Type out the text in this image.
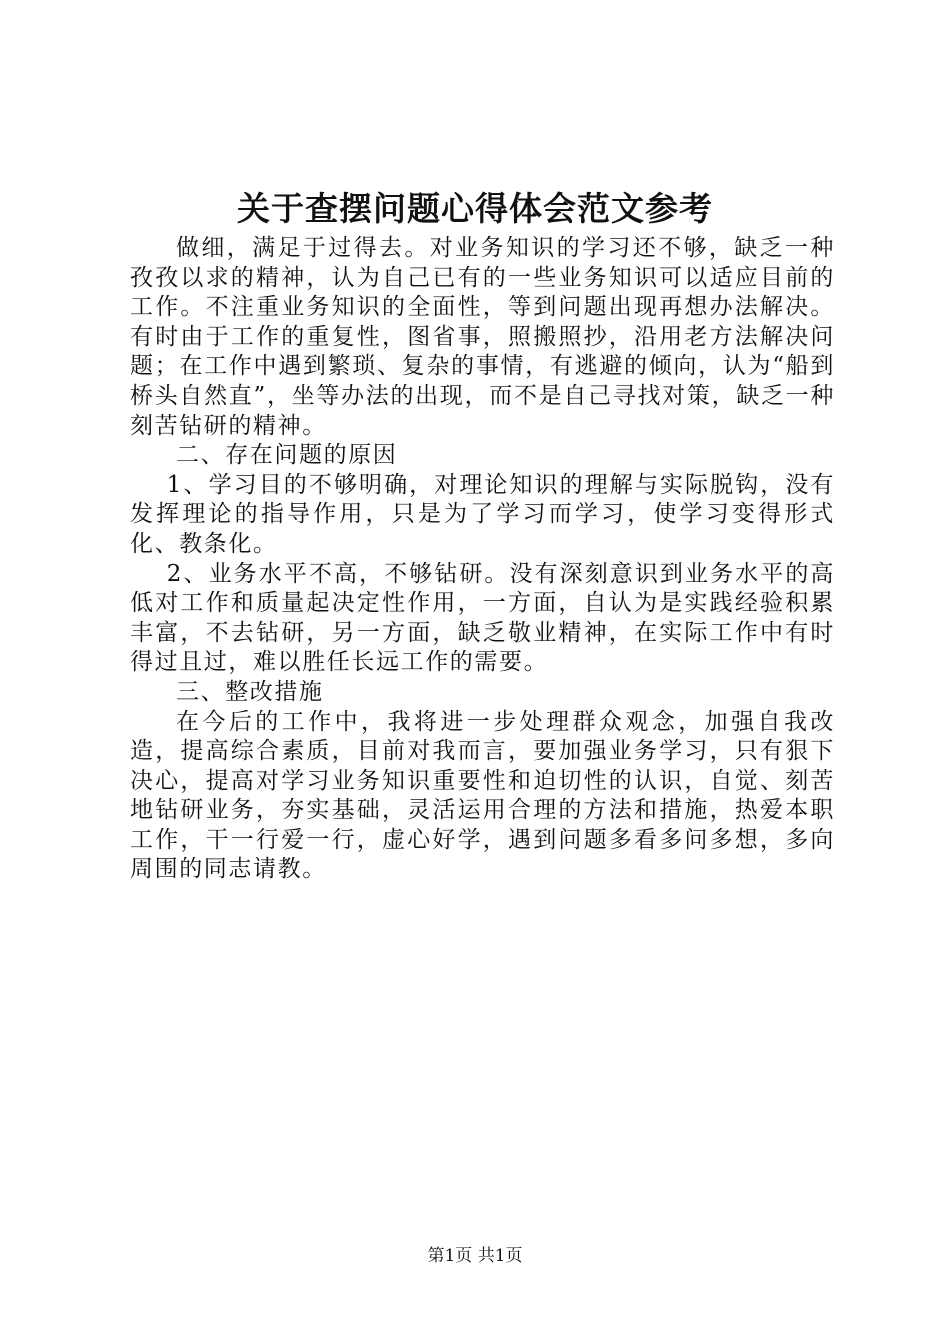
关于查摆问题心得体会范文参考

做细，满足于过得去。对业务知识的学习还不够，缺乏一种孜孜以求的精神，认为自己已有的一些业务知识可以适应目前的工作。不注重业务知识的全面性，等到问题出现再想办法解决。有时由于工作的重复性，图省事，照搬照抄，沿用老方法解决问题；在工作中遇到繁琐、复杂的事情，有逃避的倾向，认为“船到桥头自然直”，坐等办法的出现，而不是自己寻找对策，缺乏一种刻苦钻研的精神。

二、存在问题的原因

1、学习目的不够明确，对理论知识的理解与实际脱钩，没有发挥理论的指导作用，只是为了学习而学习，使学习变得形式化、教条化。

2、业务水平不高，不够钻研。没有深刻意识到业务水平的高低对工作和质量起决定性作用，一方面，自认为是实践经验积累丰富，不去钻研，另一方面，缺乏敬业精神，在实际工作中有时得过且过，难以胜任长远工作的需要。

三、整改措施

在今后的工作中，我将进一步处理群众观念，加强自我改造，提高综合素质，目前对我而言，要加强业务学习，只有狠下决心，提高对学习业务知识重要性和迫切性的认识，自觉、刻苦地钻研业务，夯实基础，灵活运用合理的方法和措施，热爱本职工作，干一行爱一行，虚心好学，遇到问题多看多问多想，多向周围的同志请教。

第1页 共1页
